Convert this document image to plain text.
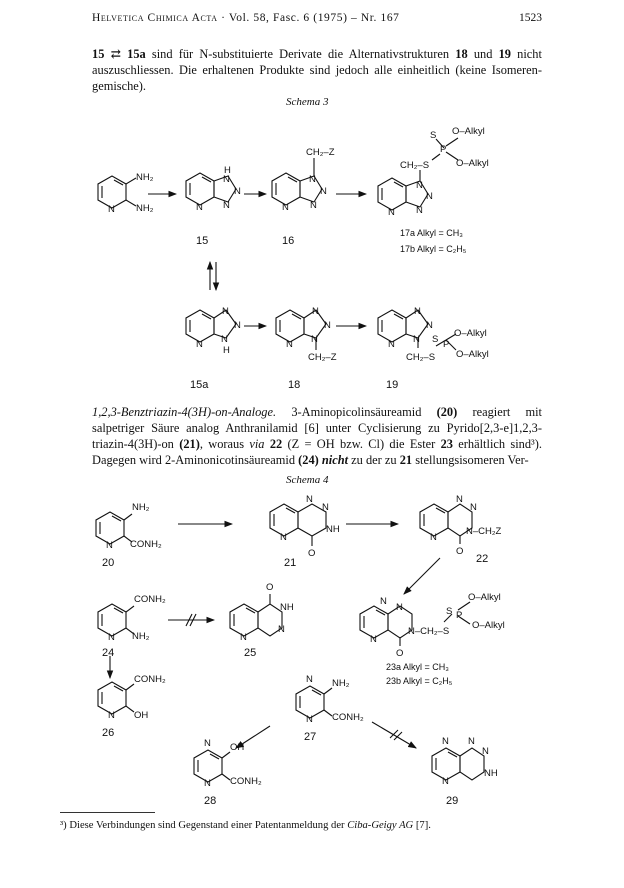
Helvetica Chimica Acta · Vol. 58, Fasc. 6 (1975) – Nr. 167	1523
15 ⇄ 15a sind für N-substituierte Derivate die Alternativstrukturen 18 und 19 nicht auszuschliessen. Die erhaltenen Produkte sind jedoch alle einheitlich (keine Isomeren-gemische).
Schema 3
NH₂
NH₂
N	N
H
N
N
N	N
CH₂–Z
N
N
N
N
CH₂–S
N
N
N
S
P
O–Alkyl
O–Alkyl
N
N
N
N
H
N
N
N
N
CH₂–Z
N
N
N
N
CH₂–S
S P
O–Alkyl
O–Alkyl
17a Alkyl = CH₃
17b Alkyl = C₂H₅
15	16
15a	18	19
1,2,3-Benztriazin-4(3H)-on-Analoge. 3-Aminopicolinsäureamid (20) reagiert mit salpetriger Säure analog Anthranilamid [6] unter Cyclisierung zu Pyrido[2,3-e]1,2,3-triazin-4(3H)-on (21), woraus via 22 (Z = OH bzw. Cl) die Ester 23 erhältlich sind³). Dagegen wird 2-Aminonicotinsäureamid (24) nicht zu der zu 21 stellungsisomeren Ver-
Schema 4
NH₂
N CONH₂
N
N
NH
N
O
N
N
N–CH₂Z
N
O
CONH₂
N NH₂
O
NH
N
N
N
N
N–CH₂–S
N
O
S P
O–Alkyl
O–Alkyl
CONH₂
N OH
N NH₂
N CONH₂
N OH
N CONH₂
N N
N
NH
N
23a Alkyl = CH₃
23b Alkyl = C₂H₅
20	21	22
24	25
26	27
28	29
³) Diese Verbindungen sind Gegenstand einer Patentanmeldung der Ciba-Geigy AG [7].
